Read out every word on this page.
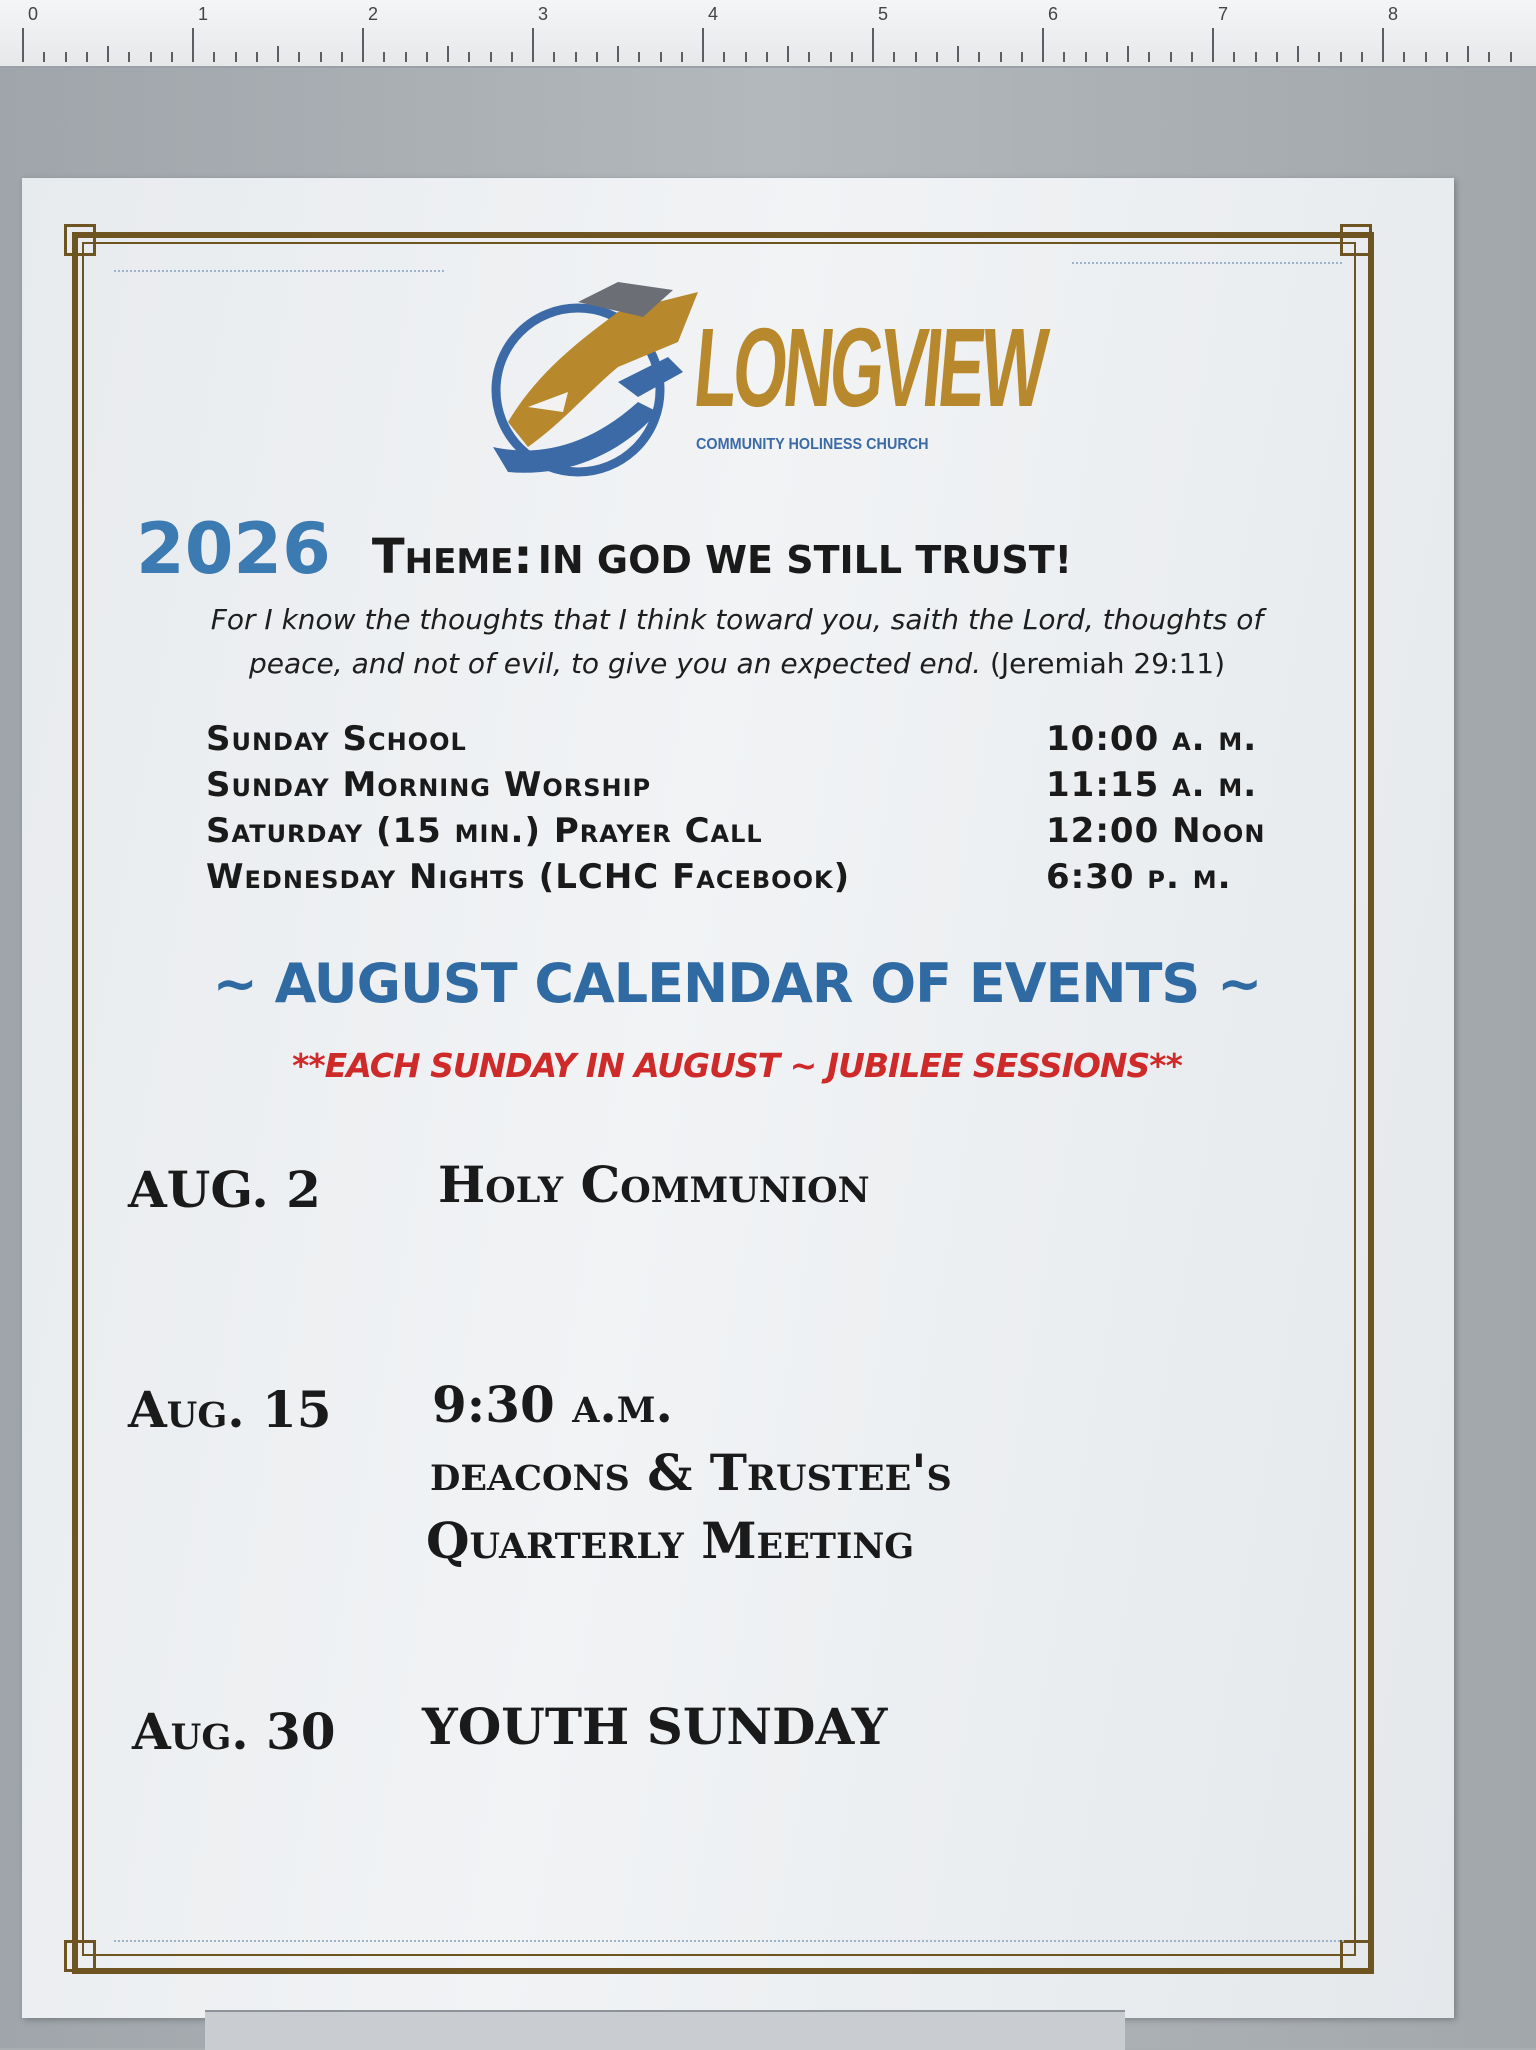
0	1	2	3	4	5	6	7	8
LONGVIEW
COMMUNITY HOLINESS CHURCH
2026 Theme: IN GOD WE STILL TRUST!
For I know the thoughts that I think toward you, saith the Lord, thoughts of
peace, and not of evil, to give you an expected end. (Jeremiah 29:11)
Sunday School	10:00 a. m.
Sunday Morning Worship	11:15 a. m.
Saturday (15 min.) Prayer Call	12:00 Noon
Wednesday Nights (LCHC Facebook)	6:30 p. m.
~ AUGUST CALENDAR OF EVENTS ~
**EACH SUNDAY IN AUGUST ~ JUBILEE SESSIONS**
AUG. 2 Holy Communion
Aug. 15 9:30 a.m.
deacons & Trustee's
Quarterly Meeting
Aug. 30 YOUTH SUNDAY
